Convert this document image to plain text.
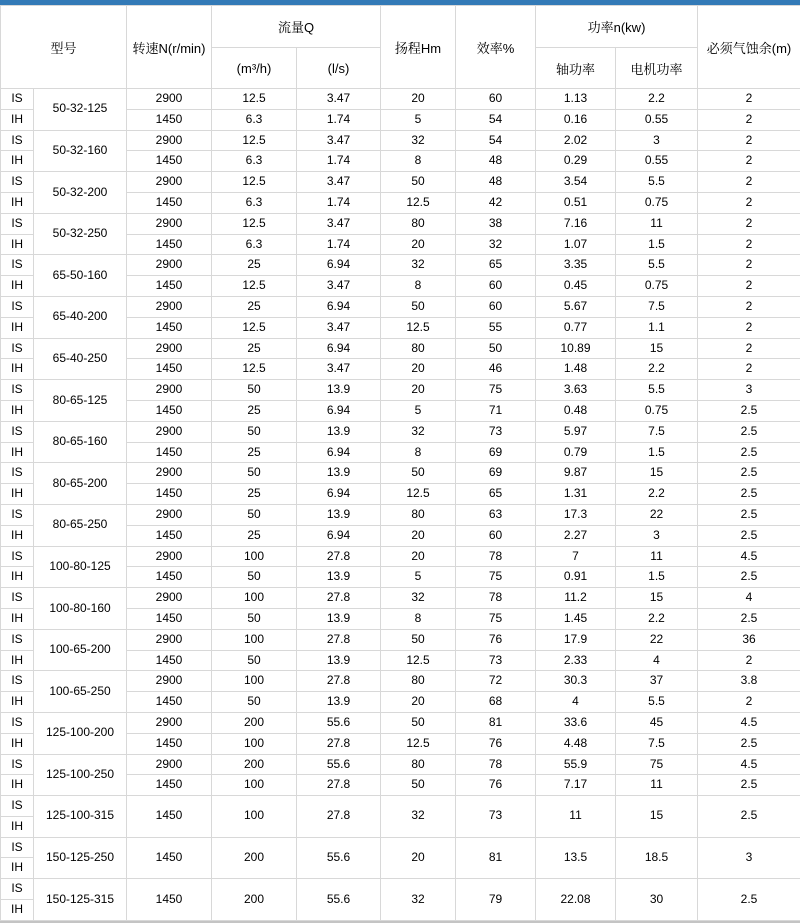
型号		转速N(r/min)	流量Q		扬程Hm	效率%	功率n(kw)		必须气蚀余(m)
			(m³/h)	(l/s)			轴功率	电机功率	
IS	50-32-125	2900	12.5	3.47	20	60	1.13	2.2	2
IH		1450	6.3	1.74	5	54	0.16	0.55	2
IS	50-32-160	2900	12.5	3.47	32	54	2.02	3	2
IH		1450	6.3	1.74	8	48	0.29	0.55	2
IS	50-32-200	2900	12.5	3.47	50	48	3.54	5.5	2
IH		1450	6.3	1.74	12.5	42	0.51	0.75	2
IS	50-32-250	2900	12.5	3.47	80	38	7.16	11	2
IH		1450	6.3	1.74	20	32	1.07	1.5	2
IS	65-50-160	2900	25	6.94	32	65	3.35	5.5	2
IH		1450	12.5	3.47	8	60	0.45	0.75	2
IS	65-40-200	2900	25	6.94	50	60	5.67	7.5	2
IH		1450	12.5	3.47	12.5	55	0.77	1.1	2
IS	65-40-250	2900	25	6.94	80	50	10.89	15	2
IH		1450	12.5	3.47	20	46	1.48	2.2	2
IS	80-65-125	2900	50	13.9	20	75	3.63	5.5	3
IH		1450	25	6.94	5	71	0.48	0.75	2.5
IS	80-65-160	2900	50	13.9	32	73	5.97	7.5	2.5
IH		1450	25	6.94	8	69	0.79	1.5	2.5
IS	80-65-200	2900	50	13.9	50	69	9.87	15	2.5
IH		1450	25	6.94	12.5	65	1.31	2.2	2.5
IS	80-65-250	2900	50	13.9	80	63	17.3	22	2.5
IH		1450	25	6.94	20	60	2.27	3	2.5
IS	100-80-125	2900	100	27.8	20	78	7	11	4.5
IH		1450	50	13.9	5	75	0.91	1.5	2.5
IS	100-80-160	2900	100	27.8	32	78	11.2	15	4
IH		1450	50	13.9	8	75	1.45	2.2	2.5
IS	100-65-200	2900	100	27.8	50	76	17.9	22	36
IH		1450	50	13.9	12.5	73	2.33	4	2
IS	100-65-250	2900	100	27.8	80	72	30.3	37	3.8
IH		1450	50	13.9	20	68	4	5.5	2
IS	125-100-200	2900	200	55.6	50	81	33.6	45	4.5
IH		1450	100	27.8	12.5	76	4.48	7.5	2.5
IS	125-100-250	2900	200	55.6	80	78	55.9	75	4.5
IH		1450	100	27.8	50	76	7.17	11	2.5
IS	125-100-315	1450	100	27.8	32	73	11	15	2.5
IH									
IS	150-125-250	1450	200	55.6	20	81	13.5	18.5	3
IH									
IS	150-125-315	1450	200	55.6	32	79	22.08	30	2.5
IH									
